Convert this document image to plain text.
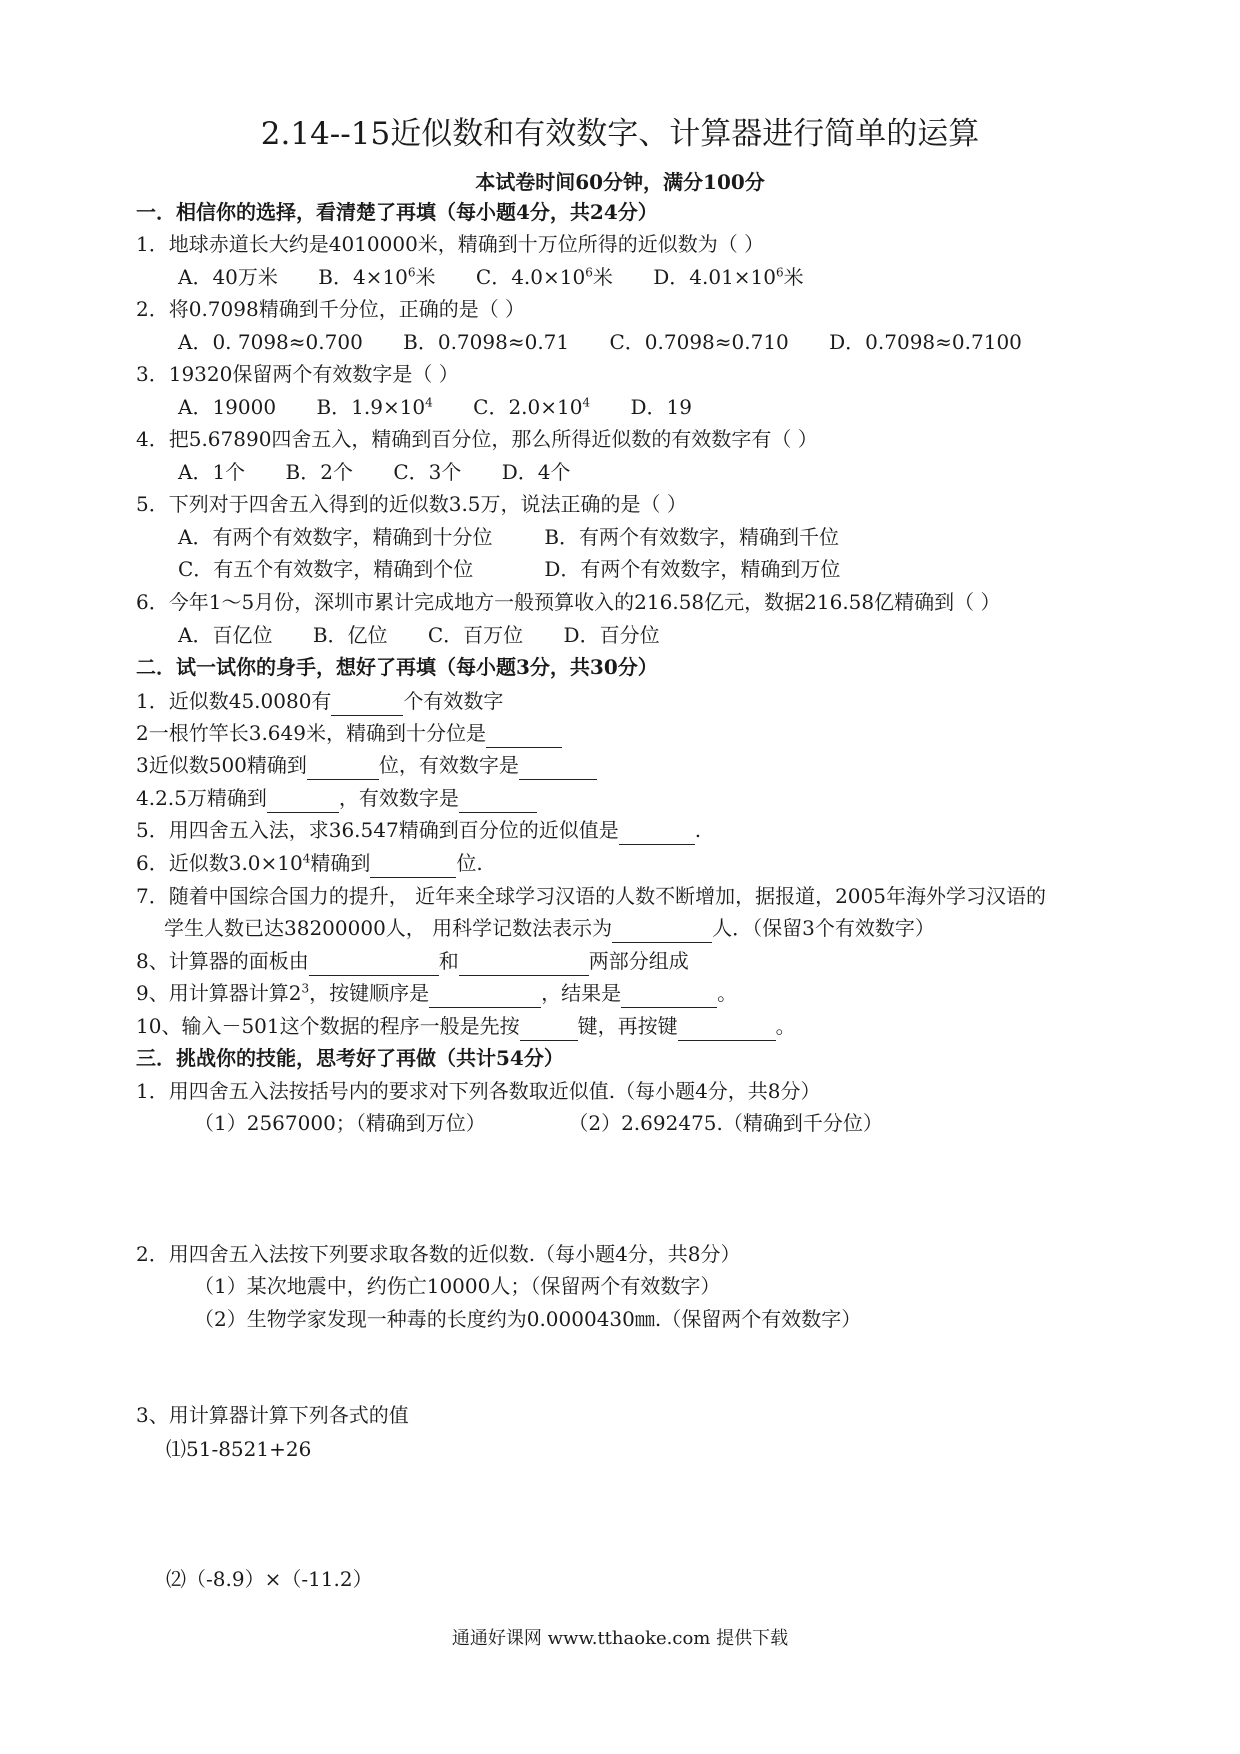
2.14--15近似数和有效数字、计算器进行简单的运算
本试卷时间60分钟，满分100分
一．相信你的选择，看清楚了再填（每小题4分，共24分）
1．地球赤道长大约是4010000米，精确到十万位所得的近似数为（ ）
A．40万米 B．$4\times 10^6$米 C．$4.0\times 10^6$米 D．$4.01\times 10^6$米
2．将0.7098精确到千分位，正确的是（ ）
A．0. 7098≈0.700 B．0.7098≈0.71 C．0.7098≈0.710 D．0.7098≈0.7100
3．19320保留两个有效数字是（ ）
A．19000 B．$1.9\times 10^4$ C．$2.0\times 10^4$ D．19
4．把5.67890四舍五入，精确到百分位，那么所得近似数的有效数字有（ ）
A．1个 B．2个 C．3个 D．4个
5．下列对于四舍五入得到的近似数3.5万，说法正确的是（ ）
A．有两个有效数字，精确到十分位	B．有两个有效数字，精确到千位
C．有五个有效数字，精确到个位	D．有两个有效数字，精确到万位
6．今年1～5月份，深圳市累计完成地方一般预算收入的216.58亿元，数据216.58亿精确到（ ）
A．百亿位 B．亿位 C．百万位 D．百分位
二．试一试你的身手，想好了再填（每小题3分，共30分）
1．近似数45.0080有	个有效数字
2一根竹竿长3.649米，精确到十分位是
3近似数500精确到	位，有效数字是
4.2.5万精确到	，有效数字是
5．用四舍五入法，求36.547精确到百分位的近似值是	.
6．近似数$3.0\times 10^4$精确到	位.
7．随着中国综合国力的提升， 近年来全球学习汉语的人数不断增加，据报道，2005年海外学习汉语的
学生人数已达38200000人， 用科学记数法表示为	人．（保留3个有效数字）
8、计算器的面板由	和	两部分组成
9、用计算器计算$2^3$，按键顺序是	，结果是	。
10、输入－501这个数据的程序一般是先按	键，再按键	。
三．挑战你的技能，思考好了再做（共计54分）
1．用四舍五入法按括号内的要求对下列各数取近似值.（每小题4分，共8分）
（1）2567000；（精确到万位）	（2）2.692475.（精确到千分位）
2．用四舍五入法按下列要求取各数的近似数.（每小题4分，共8分）
（1）某次地震中，约伤亡10000人；（保留两个有效数字）
（2）生物学家发现一种毒的长度约为0.0000430㎜.（保留两个有效数字）
3、用计算器计算下列各式的值
⑴51-8521+26
⑵（-8.9）×（-11.2）
通通好课网 www.tthaoke.com 提供下载
